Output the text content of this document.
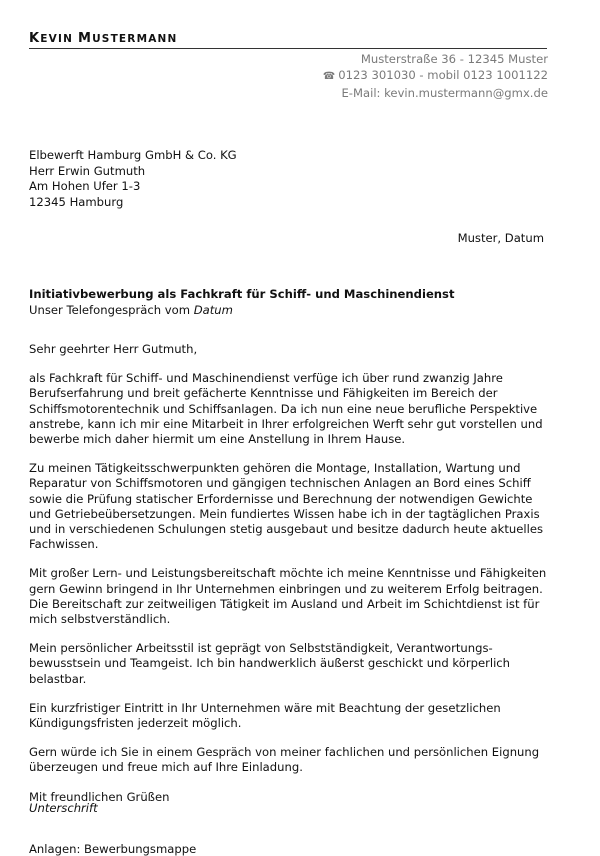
KEVIN MUSTERMANN
Musterstraße 36 - 12345 Muster
☎ 0123 301030 - mobil 0123 1001122
E-Mail: kevin.mustermann@gmx.de
Elbewerft Hamburg GmbH & Co. KG
Herr Erwin Gutmuth
Am Hohen Ufer 1-3
12345 Hamburg
Muster, Datum
Initiativbewerbung als Fachkraft für Schiff- und Maschinendienst
Unser Telefongespräch vom Datum

Sehr geehrter Herr Gutmuth,

als Fachkraft für Schiff- und Maschinendienst verfüge ich über rund zwanzig Jahre Berufserfahrung und breit gefächerte Kenntnisse und Fähigkeiten im Bereich der Schiffsmotorentechnik und Schiffsanlagen. Da ich nun eine neue berufliche Perspektive anstrebe, kann ich mir eine Mitarbeit in Ihrer erfolgreichen Werft sehr gut vorstellen und bewerbe mich daher hiermit um eine Anstellung in Ihrem Hause.

Zu meinen Tätigkeitsschwerpunkten gehören die Montage, Installation, Wartung und Reparatur von Schiffsmotoren und gängigen technischen Anlagen an Bord eines Schiff sowie die Prüfung statischer Erfordernisse und Berechnung der notwendigen Gewichte und Getriebeübersetzungen. Mein fundiertes Wissen habe ich in der tagtäglichen Praxis und in verschiedenen Schulungen stetig ausgebaut und besitze dadurch heute aktuelles Fachwissen.

Mit großer Lern- und Leistungsbereitschaft möchte ich meine Kenntnisse und Fähigkeiten gern Gewinn bringend in Ihr Unternehmen einbringen und zu weiterem Erfolg beitragen. Die Bereitschaft zur zeitweiligen Tätigkeit im Ausland und Arbeit im Schichtdienst ist für mich selbstverständlich.

Mein persönlicher Arbeitsstil ist geprägt von Selbstständigkeit, Verantwortungs-bewusstsein und Teamgeist. Ich bin handwerklich äußerst geschickt und körperlich belastbar.

Ein kurzfristiger Eintritt in Ihr Unternehmen wäre mit Beachtung der gesetzlichen Kündigungsfristen jederzeit möglich.

Gern würde ich Sie in einem Gespräch von meiner fachlichen und persönlichen Eignung überzeugen und freue mich auf Ihre Einladung.

Mit freundlichen Grüßen

Unterschrift
Anlagen: Bewerbungsmappe
